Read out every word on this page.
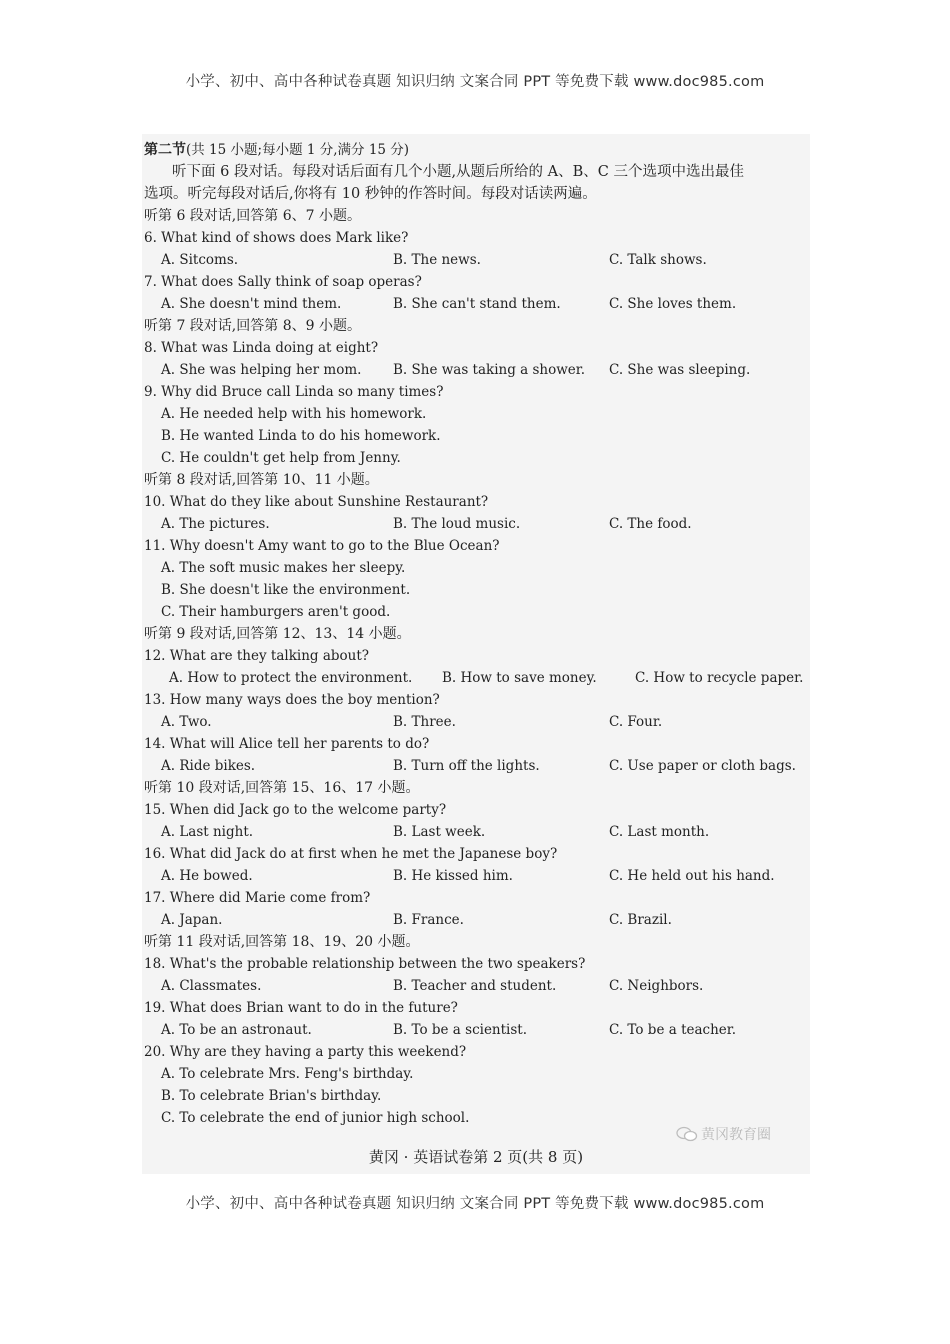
小学、初中、高中各种试卷真题 知识归纳 文案合同 PPT 等免费下载 www.doc985.com
第二节(共 15 小题;每小题 1 分,满分 15 分)
听下面 6 段对话。每段对话后面有几个小题,从题后所给的 A、B、C 三个选项中选出最佳
选项。听完每段对话后,你将有 10 秒钟的作答时间。每段对话读两遍。
听第 6 段对话,回答第 6、7 小题。
6. What kind of shows does Mark like?
A. Sitcoms.	B. The news.	C. Talk shows.
7. What does Sally think of soap operas?
A. She doesn't mind them.	B. She can't stand them.	C. She loves them.
听第 7 段对话,回答第 8、9 小题。
8. What was Linda doing at eight?
A. She was helping her mom. B. She was taking a shower. C. She was sleeping.
9. Why did Bruce call Linda so many times?
A. He needed help with his homework.
B. He wanted Linda to do his homework.
C. He couldn't get help from Jenny.
听第 8 段对话,回答第 10、11 小题。
10. What do they like about Sunshine Restaurant?
A. The pictures.	B. The loud music.	C. The food.
11. Why doesn't Amy want to go to the Blue Ocean?
A. The soft music makes her sleepy.
B. She doesn't like the environment.
C. Their hamburgers aren't good.
听第 9 段对话,回答第 12、13、14 小题。
12. What are they talking about?
A. How to protect the environment. B. How to save money.	C. How to recycle paper.
13. How many ways does the boy mention?
A. Two.	B. Three.	C. Four.
14. What will Alice tell her parents to do?
A. Ride bikes.	B. Turn off the lights.	C. Use paper or cloth bags.
听第 10 段对话,回答第 15、16、17 小题。
15. When did Jack go to the welcome party?
A. Last night.	B. Last week.	C. Last month.
16. What did Jack do at first when he met the Japanese boy?
A. He bowed.	B. He kissed him.	C. He held out his hand.
17. Where did Marie come from?
A. Japan.	B. France.	C. Brazil.
听第 11 段对话,回答第 18、19、20 小题。
18. What's the probable relationship between the two speakers?
A. Classmates.	B. Teacher and student.	C. Neighbors.
19. What does Brian want to do in the future?
A. To be an astronaut.	B. To be a scientist.	C. To be a teacher.
20. Why are they having a party this weekend?
A. To celebrate Mrs. Feng's birthday.
B. To celebrate Brian's birthday.
C. To celebrate the end of junior high school.
黄冈教育圈
黄冈 · 英语试卷第 2 页(共 8 页)
小学、初中、高中各种试卷真题 知识归纳 文案合同 PPT 等免费下载 www.doc985.com
